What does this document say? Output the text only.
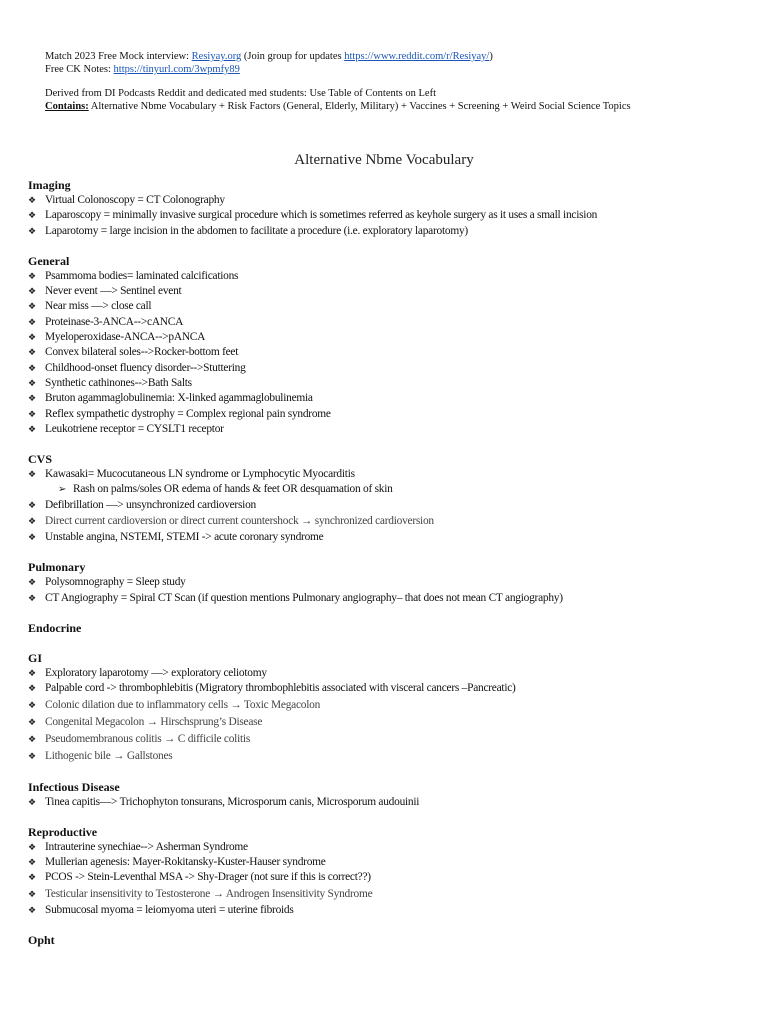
Match 2023 Free Mock interview: Resiyay.org (Join group for updates https://www.reddit.com/r/Resiyay/)
Free CK Notes: https://tinyurl.com/3wpmfy89
Derived from DI Podcasts Reddit and dedicated med students: Use Table of Contents on Left
Contains: Alternative Nbme Vocabulary + Risk Factors (General, Elderly, Military) + Vaccines + Screening + Weird Social Science Topics
Alternative Nbme Vocabulary
Imaging
❖ Virtual Colonoscopy = CT Colonography
❖ Laparoscopy = minimally invasive surgical procedure which is sometimes referred as keyhole surgery as it uses a small incision
❖ Laparotomy = large incision in the abdomen to facilitate a procedure (i.e. exploratory laparotomy)
General
❖ Psammoma bodies= laminated calcifications
❖ Never event —> Sentinel event
❖ Near miss —> close call
❖ Proteinase-3-ANCA-->cANCA
❖ Myeloperoxidase-ANCA-->pANCA
❖ Convex bilateral soles-->Rocker-bottom feet
❖ Childhood-onset fluency disorder-->Stuttering
❖ Synthetic cathinones-->Bath Salts
❖ Bruton agammaglobulinemia: X-linked agammaglobulinemia
❖ Reflex sympathetic dystrophy = Complex regional pain syndrome
❖ Leukotriene receptor = CYSLT1 receptor
CVS
❖ Kawasaki= Mucocutaneous LN syndrome or Lymphocytic Myocarditis
➢ Rash on palms/soles OR edema of hands & feet OR desquamation of skin
❖ Defibrillation —> unsynchronized cardioversion
❖ Direct current cardioversion or direct current countershock → synchronized cardioversion
❖ Unstable angina, NSTEMI, STEMI -> acute coronary syndrome
Pulmonary
❖ Polysomnography = Sleep study
❖ CT Angiography = Spiral CT Scan (if question mentions Pulmonary angiography– that does not mean CT angiography)
Endocrine
GI
❖ Exploratory laparotomy —> exploratory celiotomy
❖ Palpable cord -> thrombophlebitis (Migratory thrombophlebitis associated with visceral cancers –Pancreatic)
❖ Colonic dilation due to inflammatory cells → Toxic Megacolon
❖ Congenital Megacolon → Hirschsprung’s Disease
❖ Pseudomembranous colitis → C difficile colitis
❖ Lithogenic bile → Gallstones
Infectious Disease
❖ Tinea capitis—> Trichophyton tonsurans, Microsporum canis, Microsporum audouinii
Reproductive
❖ Intrauterine synechiae--> Asherman Syndrome
❖ Mullerian agenesis: Mayer-Rokitansky-Kuster-Hauser syndrome
❖ PCOS -> Stein-Leventhal MSA -> Shy-Drager (not sure if this is correct??)
❖ Testicular insensitivity to Testosterone → Androgen Insensitivity Syndrome
❖ Submucosal myoma = leiomyoma uteri = uterine fibroids
Opht
